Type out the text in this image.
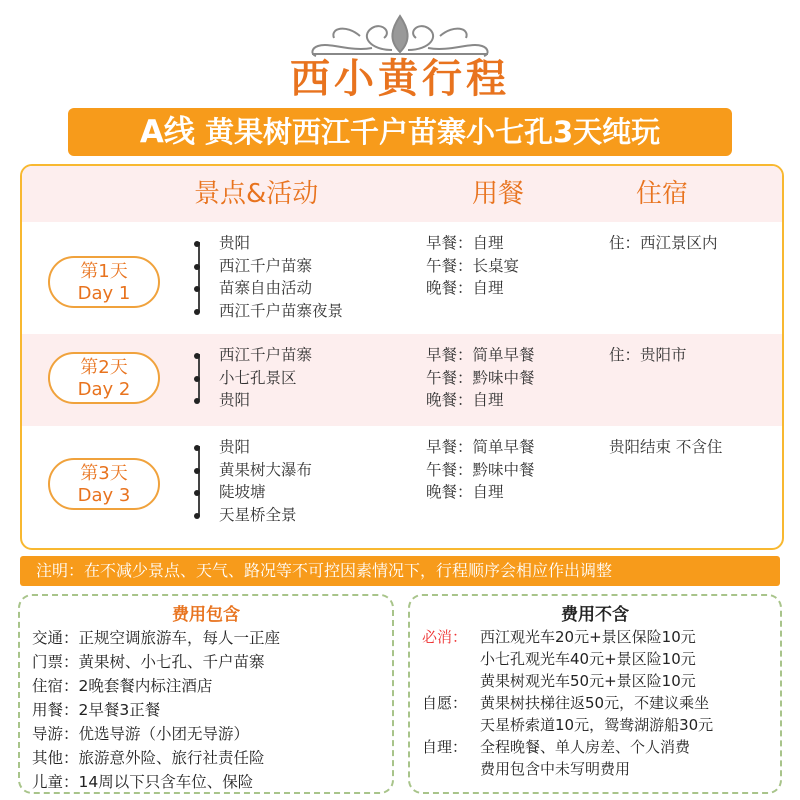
西小黄行程
A线 黄果树西江千户苗寨小七孔3天纯玩
景点&活动	用餐	住宿
第1天
Day 1
贵阳
西江千户苗寨
苗寨自由活动
西江千户苗寨夜景
早餐：自理
午餐：长桌宴
晚餐：自理
住：西江景区内
第2天
Day 2
西江千户苗寨
小七孔景区
贵阳
早餐：简单早餐
午餐：黔味中餐
晚餐：自理
住：贵阳市
第3天
Day 3
贵阳
黄果树大瀑布
陡坡塘
天星桥全景
早餐：简单早餐
午餐：黔味中餐
晚餐：自理
贵阳结束 不含住
注明：在不减少景点、天气、路况等不可控因素情况下，行程顺序会相应作出调整
费用包含
交通：正规空调旅游车，每人一正座
门票：黄果树、小七孔、千户苗寨
住宿：2晚套餐内标注酒店
用餐：2早餐3正餐
导游：优选导游（小团无导游）
其他：旅游意外险、旅行社责任险
儿童：14周以下只含车位、保险
费用不含
必消： 西江观光车20元+景区保险10元
小七孔观光车40元+景区险10元
黄果树观光车50元+景区险10元
自愿： 黄果树扶梯往返50元，不建议乘坐
天星桥索道10元，鸳鸯湖游船30元
自理： 全程晚餐、单人房差、个人消费
费用包含中未写明费用
